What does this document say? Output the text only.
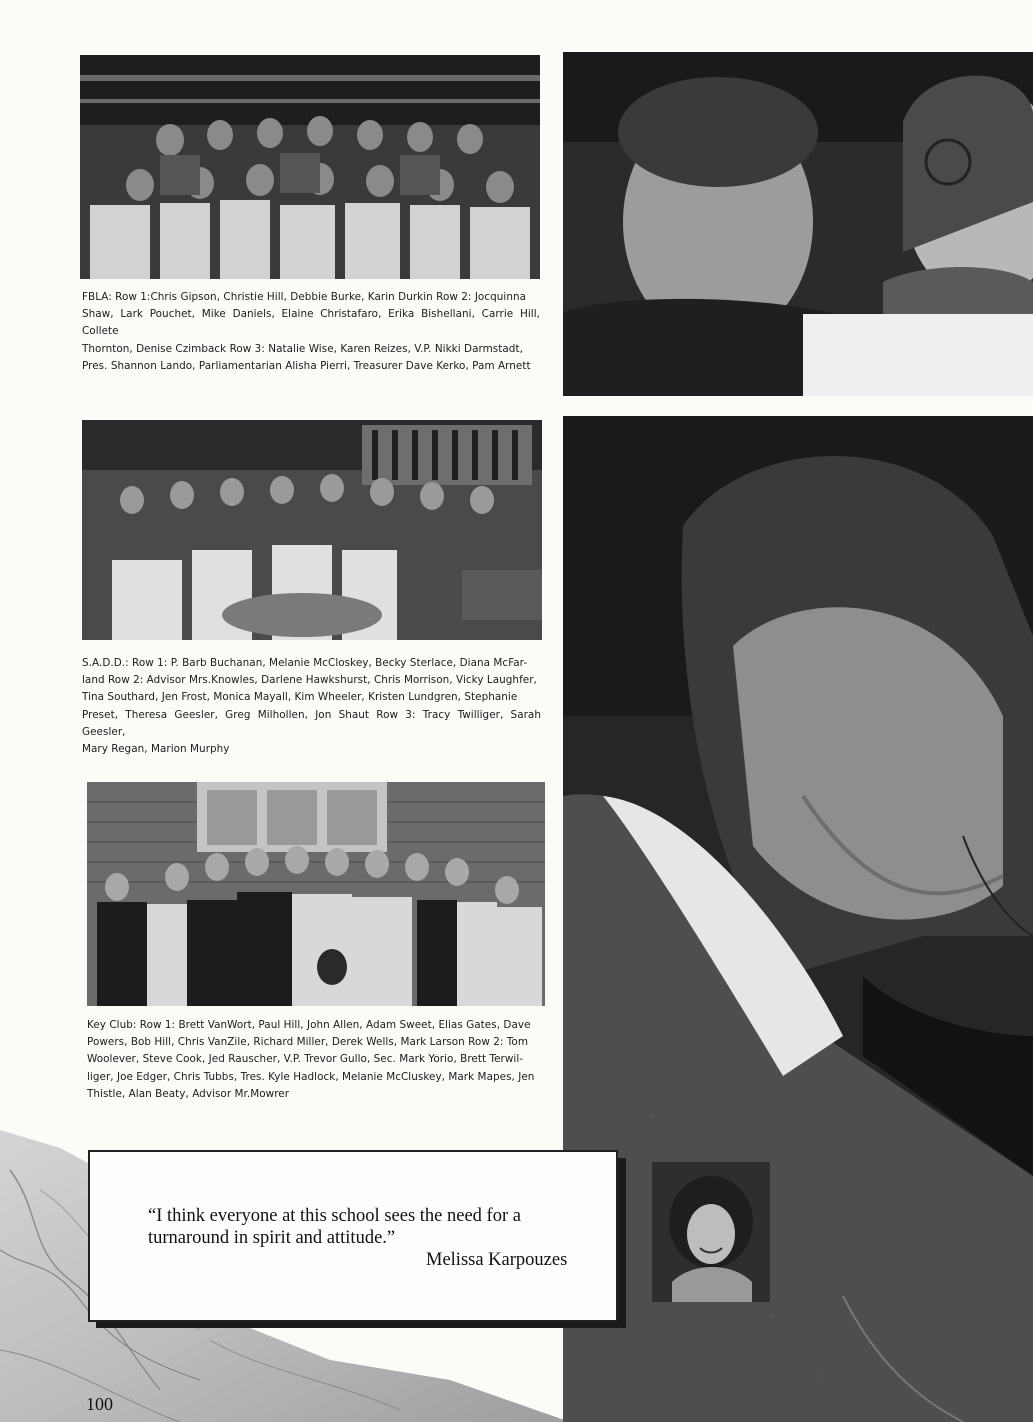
FBLA: Row 1:Chris Gipson, Christie Hill, Debbie Burke, Karin Durkin Row 2: Jocquinna
Shaw, Lark Pouchet, Mike Daniels, Elaine Christafaro, Erika Bishellani, Carrie Hill, Collete
Thornton, Denise Czimback Row 3: Natalie Wise, Karen Reizes, V.P. Nikki Darmstadt,
Pres. Shannon Lando, Parliamentarian Alisha Pierri, Treasurer Dave Kerko, Pam Arnett
S.A.D.D.: Row 1: P. Barb Buchanan, Melanie McCloskey, Becky Sterlace, Diana McFar-
land Row 2: Advisor Mrs.Knowles, Darlene Hawkshurst, Chris Morrison, Vicky Laughfer,
Tina Southard, Jen Frost, Monica Mayall, Kim Wheeler, Kristen Lundgren, Stephanie
Preset, Theresa Geesler, Greg Milhollen, Jon Shaut Row 3: Tracy Twilliger, Sarah Geesler,
Mary Regan, Marion Murphy
Key Club: Row 1: Brett VanWort, Paul Hill, John Allen, Adam Sweet, Elias Gates, Dave
Powers, Bob Hill, Chris VanZile, Richard Miller, Derek Wells, Mark Larson Row 2: Tom
Woolever, Steve Cook, Jed Rauscher, V.P. Trevor Gullo, Sec. Mark Yorio, Brett Terwil-
liger, Joe Edger, Chris Tubbs, Tres. Kyle Hadlock, Melanie McCluskey, Mark Mapes, Jen
Thistle, Alan Beaty, Advisor Mr.Mowrer
“I think everyone at this school sees the need for a
turnaround in spirit and attitude.”
Melissa Karpouzes
100
